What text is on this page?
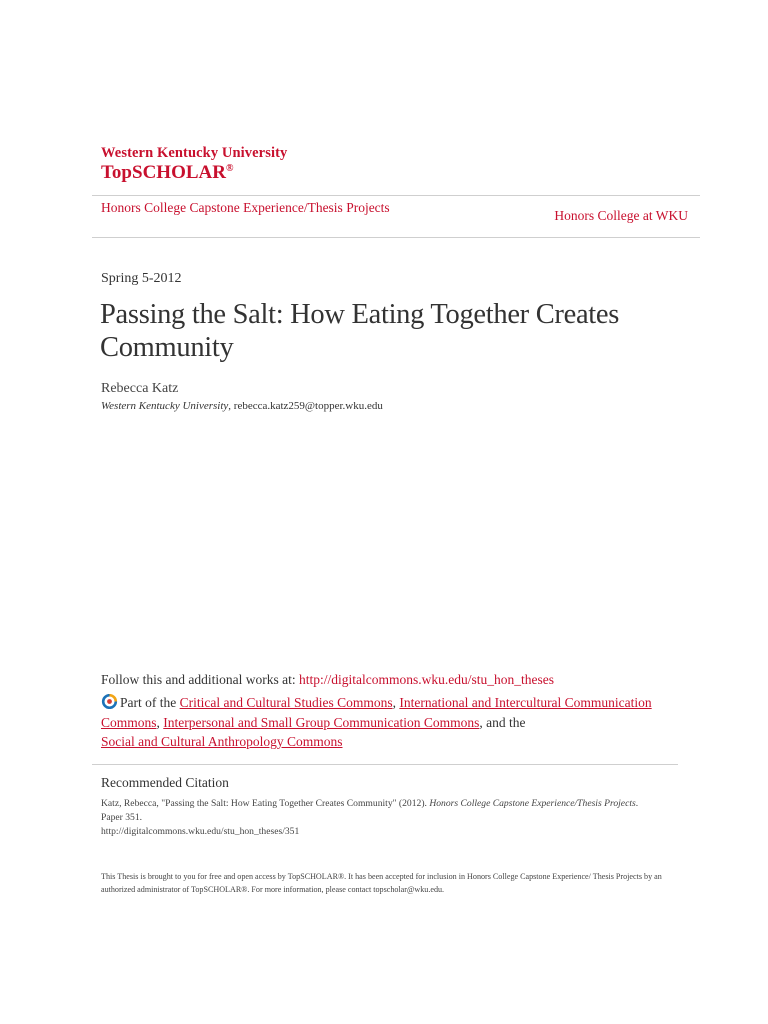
Western Kentucky University
TopSCHOLAR®
Honors College Capstone Experience/Thesis Projects
Honors College at WKU
Spring 5-2012
Passing the Salt: How Eating Together Creates Community
Rebecca Katz
Western Kentucky University, rebecca.katz259@topper.wku.edu
Follow this and additional works at: http://digitalcommons.wku.edu/stu_hon_theses
Part of the Critical and Cultural Studies Commons, International and Intercultural Communication Commons, Interpersonal and Small Group Communication Commons, and the
Social and Cultural Anthropology Commons
Recommended Citation
Katz, Rebecca, "Passing the Salt: How Eating Together Creates Community" (2012). Honors College Capstone Experience/Thesis Projects. Paper 351.
http://digitalcommons.wku.edu/stu_hon_theses/351
This Thesis is brought to you for free and open access by TopSCHOLAR®. It has been accepted for inclusion in Honors College Capstone Experience/ Thesis Projects by an authorized administrator of TopSCHOLAR®. For more information, please contact topscholar@wku.edu.
